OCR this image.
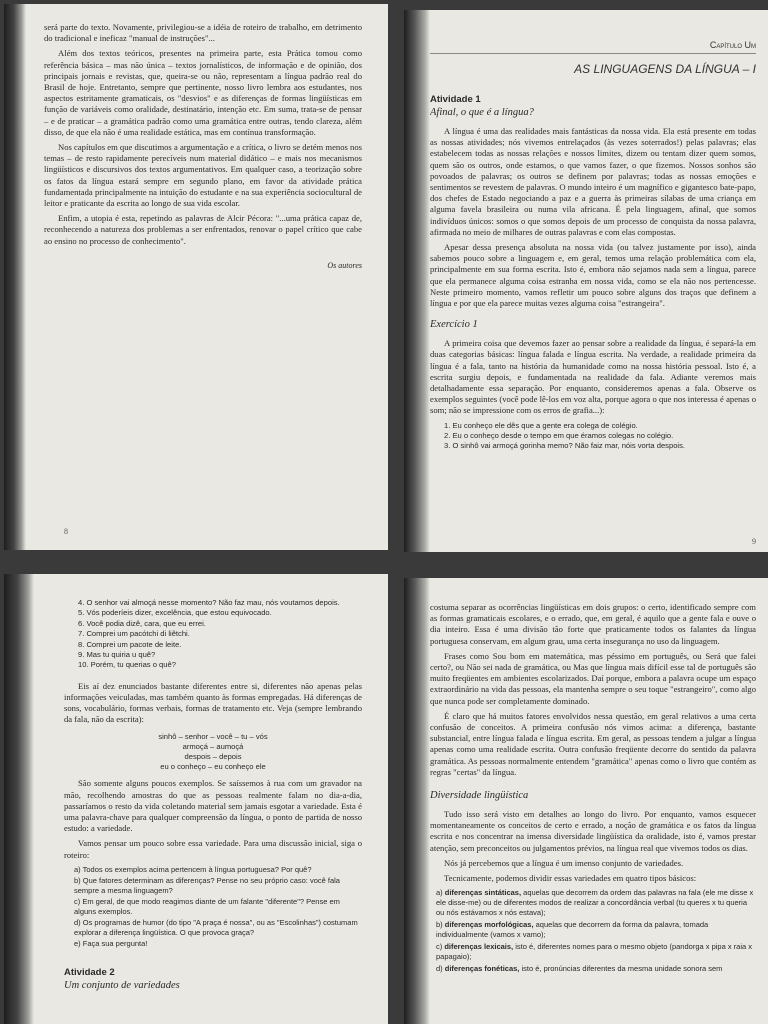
será parte do texto. Novamente, privilegiou-se a idéia de roteiro de trabalho, em detrimento do tradicional e ineficaz "manual de instruções"...

Além dos textos teóricos, presentes na primeira parte, esta Prática tomou como referência básica – mas não única – textos jornalísticos, de informação e de opinião, dos principais jornais e revistas, que, queira-se ou não, representam a língua padrão real do Brasil de hoje. Entretanto, sempre que pertinente, nosso livro lembra aos estudantes, nos aspectos estritamente gramaticais, os "desvios" e as diferenças de formas lingüísticas em função de variáveis como oralidade, destinatário, intenção etc. Em suma, trata-se de pensar – e de praticar – a gramática padrão como uma gramática entre outras, tendo clareza, além disso, de que ela não é uma realidade estática, mas em contínua transformação.

Nos capítulos em que discutimos a argumentação e a crítica, o livro se detém menos nos temas – de resto rapidamente perecíveis num material didático – e mais nos mecanismos lingüísticos e discursivos dos textos argumentativos. Em qualquer caso, a teorização sobre os fatos da língua estará sempre em segundo plano, em favor da atividade prática fundamentada principalmente na intuição do estudante e na sua experiência sociocultural de leitor e praticante da escrita ao longo de sua vida escolar.

Enfim, a utopia é esta, repetindo as palavras de Alcir Pécora: "...uma prática capaz de, reconhecendo a natureza dos problemas a ser enfrentados, renovar o papel crítico que cabe ao ensino no processo de conhecimento".

Os autores
8
Capítulo Um
AS LINGUAGENS DA LÍNGUA – I
Atividade 1
Afinal, o que é a língua?

A língua é uma das realidades mais fantásticas da nossa vida. Ela está presente em todas as nossas atividades; nós vivemos entrelaçados (às vezes soterrados!) pelas palavras; elas estabelecem todas as nossas relações e nossos limites, dizem ou tentam dizer quem somos, quem são os outros, onde estamos, o que vamos fazer, o que fizemos. Nossos sonhos são povoados de palavras; os outros se definem por palavras; todas as nossas emoções e sentimentos se revestem de palavras. O mundo inteiro é um magnífico e gigantesco bate-papo, dos chefes de Estado negociando a paz e a guerra às primeiras sílabas de uma criança em alguma favela brasileira ou numa vila africana. É pela linguagem, afinal, que somos indivíduos únicos: somos o que somos depois de um processo de conquista da nossa palavra, afirmada no meio de milhares de outras palavras e com elas compostas.

Apesar dessa presença absoluta na nossa vida (ou talvez justamente por isso), ainda sabemos pouco sobre a linguagem e, em geral, temos uma relação problemática com ela, principalmente em sua forma escrita. Isto é, embora não sejamos nada sem a língua, parece que ela permanece alguma coisa estranha em nossa vida, como se ela não nos pertencesse. Neste primeiro momento, vamos refletir um pouco sobre alguns dos traços que definem a língua e por que ela parece muitas vezes alguma coisa "estrangeira".

Exercício 1

A primeira coisa que devemos fazer ao pensar sobre a realidade da língua, é separá-la em duas categorias básicas: língua falada e língua escrita. Na verdade, a realidade primeira da língua é a fala, tanto na história da humanidade como na nossa história pessoal. Isto é, a escrita surgiu depois, e fundamentada na realidade da fala. Adiante veremos mais detalhadamente essa separação. Por enquanto, consideremos apenas a fala. Observe os exemplos seguintes (você pode lê-los em voz alta, porque agora o que nos interessa é apenas o som; não se impressione com os erros de grafia...):

1. Eu conheço ele dês que a gente era colega de colégio.
2. Eu o conheço desde o tempo em que éramos colegas no colégio.
3. O sinhô vai armoçá gorinha memo? Não faiz mar, nóis vorta despois.
9
4. O senhor vai almoçá nesse momento? Não faz mau, nós voutamos depois.
5. Vós poderíeis dizer, excelência, que estou equivocado.
6. Você podia dizê, cara, que eu errei.
7. Comprei um pacótchi di liêtchi.
8. Comprei um pacote de leite.
9. Mas tu quiria u quê?
10. Porém, tu querias o quê?

Eis aí dez enunciados bastante diferentes entre si, diferentes não apenas pelas informações veiculadas, mas também quanto às formas empregadas. Há diferenças de sons, vocabulário, formas verbais, formas de tratamento etc. Veja (sempre lembrando da fala, não da escrita):

sinhô – senhor – você – tu – vós
armoçá – aumoçá
despois – depois
eu o conheço – eu conheço ele

São somente alguns poucos exemplos. Se saíssemos à rua com um gravador na mão, recolhendo amostras do que as pessoas realmente falam no dia-a-dia, passaríamos o resto da vida coletando material sem jamais esgotar a variedade. Esta é uma palavra-chave para qualquer compreensão da língua, o ponto de partida de nosso estudo: a variedade.

Vamos pensar um pouco sobre essa variedade. Para uma discussão inicial, siga o roteiro:

a) Todos os exemplos acima pertencem à língua portuguesa? Por quê?
b) Que fatores determinam as diferenças? Pense no seu próprio caso: você fala sempre a mesma linguagem?
c) Em geral, de que modo reagimos diante de um falante "diferente"? Pense em alguns exemplos.
d) Os programas de humor (do tipo "A praça é nossa", ou as "Escolinhas") costumam explorar a diferença lingüística. O que provoca graça?
e) Faça sua pergunta!
Atividade 2
Um conjunto de variedades

costuma separar as ocorrências lingüísticas em dois grupos: o certo, identificado sempre com as formas gramaticais escolares, e o errado, que, em geral, é aquilo que a gente fala e ouve o dia inteiro. Essa é uma divisão tão forte que praticamente todos os falantes da língua portuguesa conservam, em algum grau, uma certa insegurança no uso da linguagem.

Frases como Sou bom em matemática, mas péssimo em português, ou Será que falei certo?, ou Não sei nada de gramática, ou Mas que língua mais difícil esse tal de português são muito freqüentes em ambientes escolarizados. Daí porque, embora a palavra ocupe um espaço extraordinário na vida das pessoas, ela mantenha sempre o seu toque "estrangeiro", como algo que nunca pode ser completamente dominado.

É claro que há muitos fatores envolvidos nessa questão, em geral relativos a uma certa confusão de conceitos. A primeira confusão nós vimos acima: a diferença, bastante substancial, entre língua falada e língua escrita. Em geral, as pessoas tendem a julgar a língua apenas como uma realidade escrita. Outra confusão freqüente decorre do sentido da palavra gramática. As pessoas normalmente entendem "gramática" apenas como o livro que contém as regras "certas" da língua.

Diversidade lingüística

Tudo isso será visto em detalhes ao longo do livro. Por enquanto, vamos esquecer momentaneamente os conceitos de certo e errado, a noção de gramática e os fatos da língua escrita e nos concentrar na imensa diversidade lingüística da oralidade, isto é, vamos prestar atenção, sem preconceitos ou julgamentos prévios, na língua real que vivemos todos os dias.

Nós já percebemos que a língua é um imenso conjunto de variedades.

Tecnicamente, podemos dividir essas variedades em quatro tipos básicos:

a) diferenças sintáticas, aquelas que decorrem da ordem das palavras na fala (ele me disse x ele disse-me) ou de diferentes modos de realizar a concordância verbal (tu queres x tu queria ou nós estávamos x nós estava);
b) diferenças morfológicas, aquelas que decorrem da forma da palavra, tomada individualmente (vamos x vamo);
c) diferenças lexicais, isto é, diferentes nomes para o mesmo objeto (pandorga x pipa x raia x papagaio);
d) diferenças fonéticas, isto é, pronúncias diferentes da mesma unidade sonora sem
